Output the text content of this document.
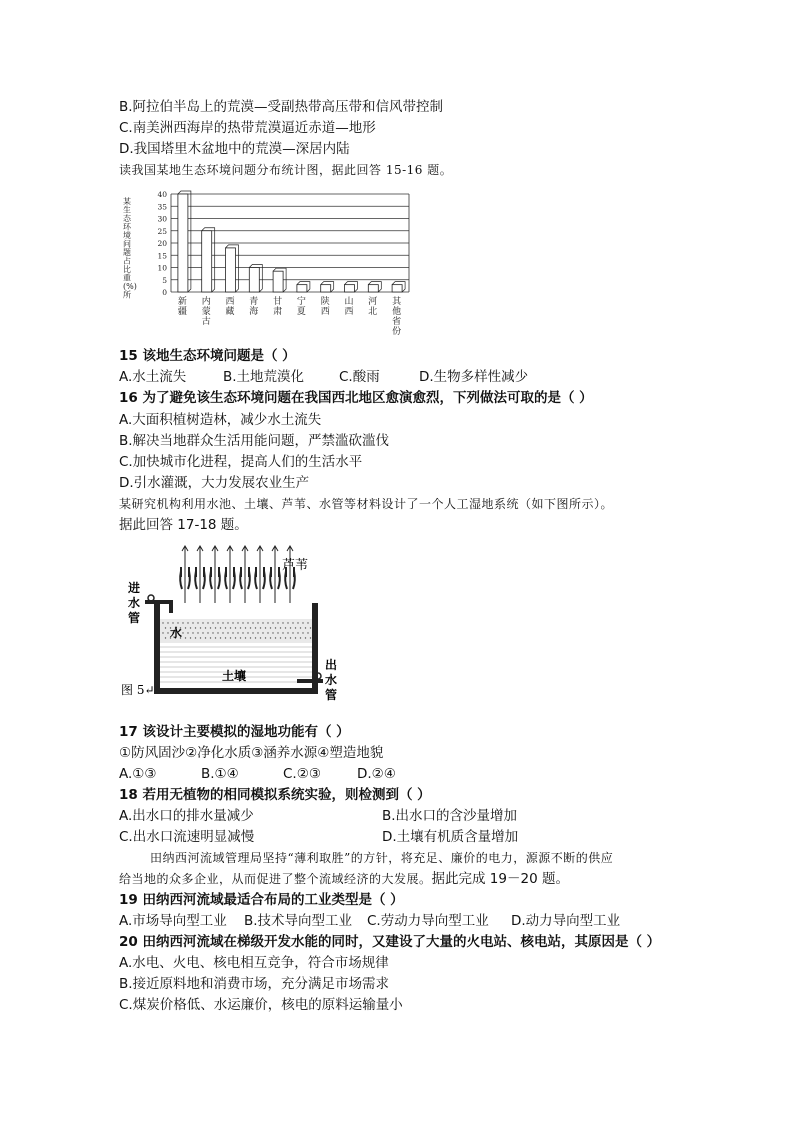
B.阿拉伯半岛上的荒漠—受副热带高压带和信风带控制
C.南美洲西海岸的热带荒漠逼近赤道—地形
D.我国塔里木盆地中的荒漠—深居内陆
读我国某地生态环境问题分布统计图，据此回答 15-16 题。
某
生
态
环
境
问
题
占
比
重
(%)
所	0
5
10
15
20
25
30
35
40
新
疆
内
蒙
古
西
藏
青
海
甘
肃
宁
夏
陕
西
山
西
河
北
其
他
省
份
15 该地生态环境问题是（ ）
A.水土流失	B.土地荒漠化	C.酸雨	D.生物多样性减少
16 为了避免该生态环境问题在我国西北地区愈演愈烈，下列做法可取的是（ ）
A.大面积植树造林，减少水土流失
B.解决当地群众生活用能问题，严禁滥砍滥伐
C.加快城市化进程，提高人们的生活水平
D.引水灌溉，大力发展农业生产
某研究机构利用水池、土壤、芦苇、水管等材料设计了一个人工湿地系统（如下图所示）。
据此回答 17-18 题。
芦苇
进
水
管
水
土壤
出
水
管
图 5↵
17 该设计主要模拟的湿地功能有（ ）
①防风固沙②净化水质③涵养水源④塑造地貌
A.①③	B.①④	C.②③	D.②④
18 若用无植物的相同模拟系统实验，则检测到（ ）
A.出水口的排水量减少	B.出水口的含沙量增加
C.出水口流速明显减慢	D.土壤有机质含量增加
田纳西河流域管理局坚持“薄利取胜”的方针，将充足、廉价的电力，源源不断的供应
给当地的众多企业，从而促进了整个流域经济的大发展。据此完成 19－20 题。
19 田纳西河流域最适合布局的工业类型是（ ）
A.市场导向型工业 B.技术导向型工业 C.劳动力导向型工业 D.动力导向型工业
20 田纳西河流域在梯级开发水能的同时，又建设了大量的火电站、核电站，其原因是（ ）
A.水电、火电、核电相互竞争，符合市场规律
B.接近原料地和消费市场，充分满足市场需求
C.煤炭价格低、水运廉价，核电的原料运输量小
